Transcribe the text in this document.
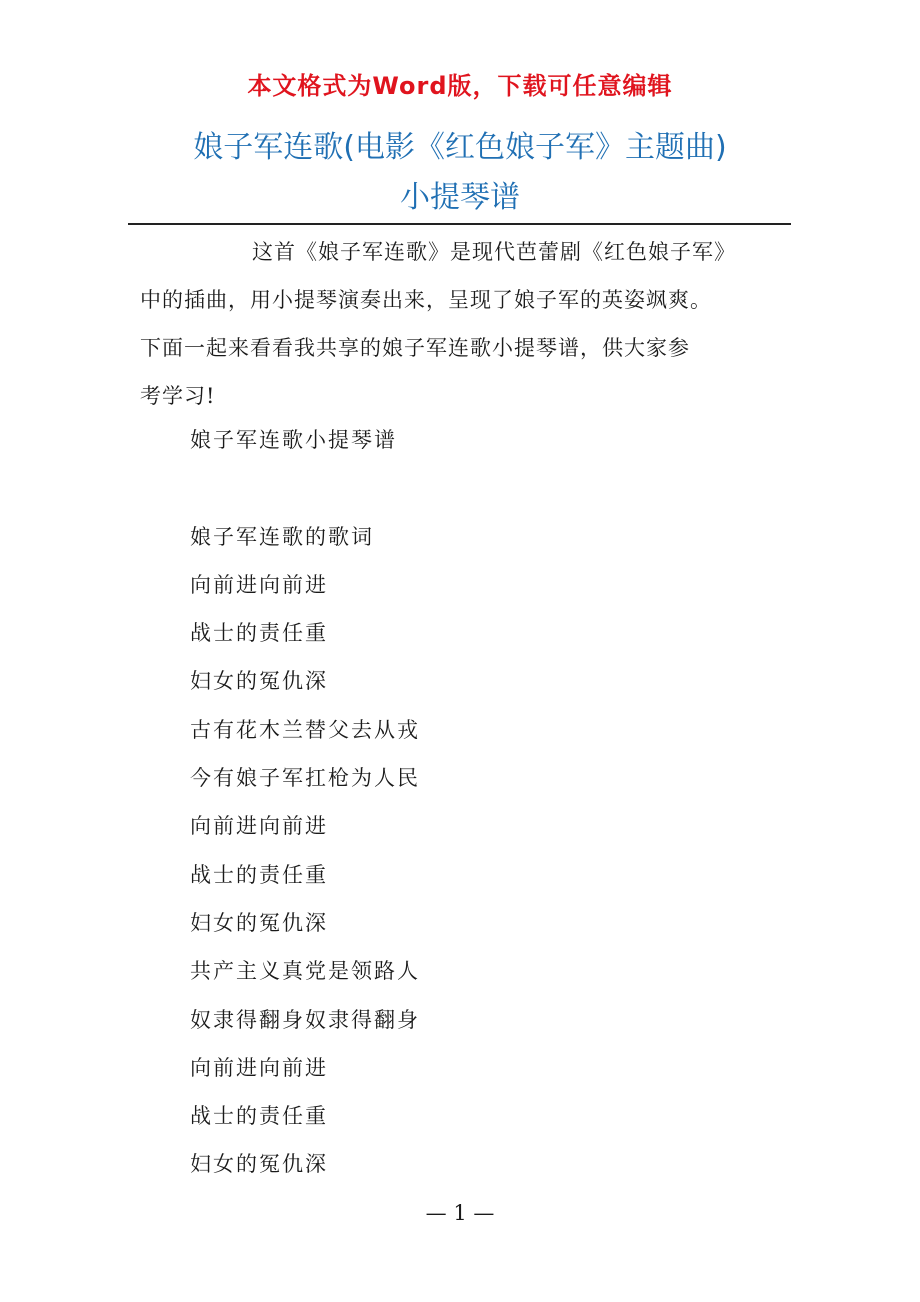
本文格式为Word版，下载可任意编辑
娘子军连歌(电影《红色娘子军》主题曲)
小提琴谱

这首《娘子军连歌》是现代芭蕾剧《红色娘子军》
中的插曲，用小提琴演奏出来，呈现了娘子军的英姿飒爽。
下面一起来看看我共享的娘子军连歌小提琴谱，供大家参
考学习!

娘子军连歌小提琴谱
娘子军连歌的歌词
向前进向前进
战士的责任重
妇女的冤仇深
古有花木兰替父去从戎
今有娘子军扛枪为人民
向前进向前进
战士的责任重
妇女的冤仇深
共产主义真党是领路人
奴隶得翻身奴隶得翻身
向前进向前进
战士的责任重
妇女的冤仇深
— 1 —
